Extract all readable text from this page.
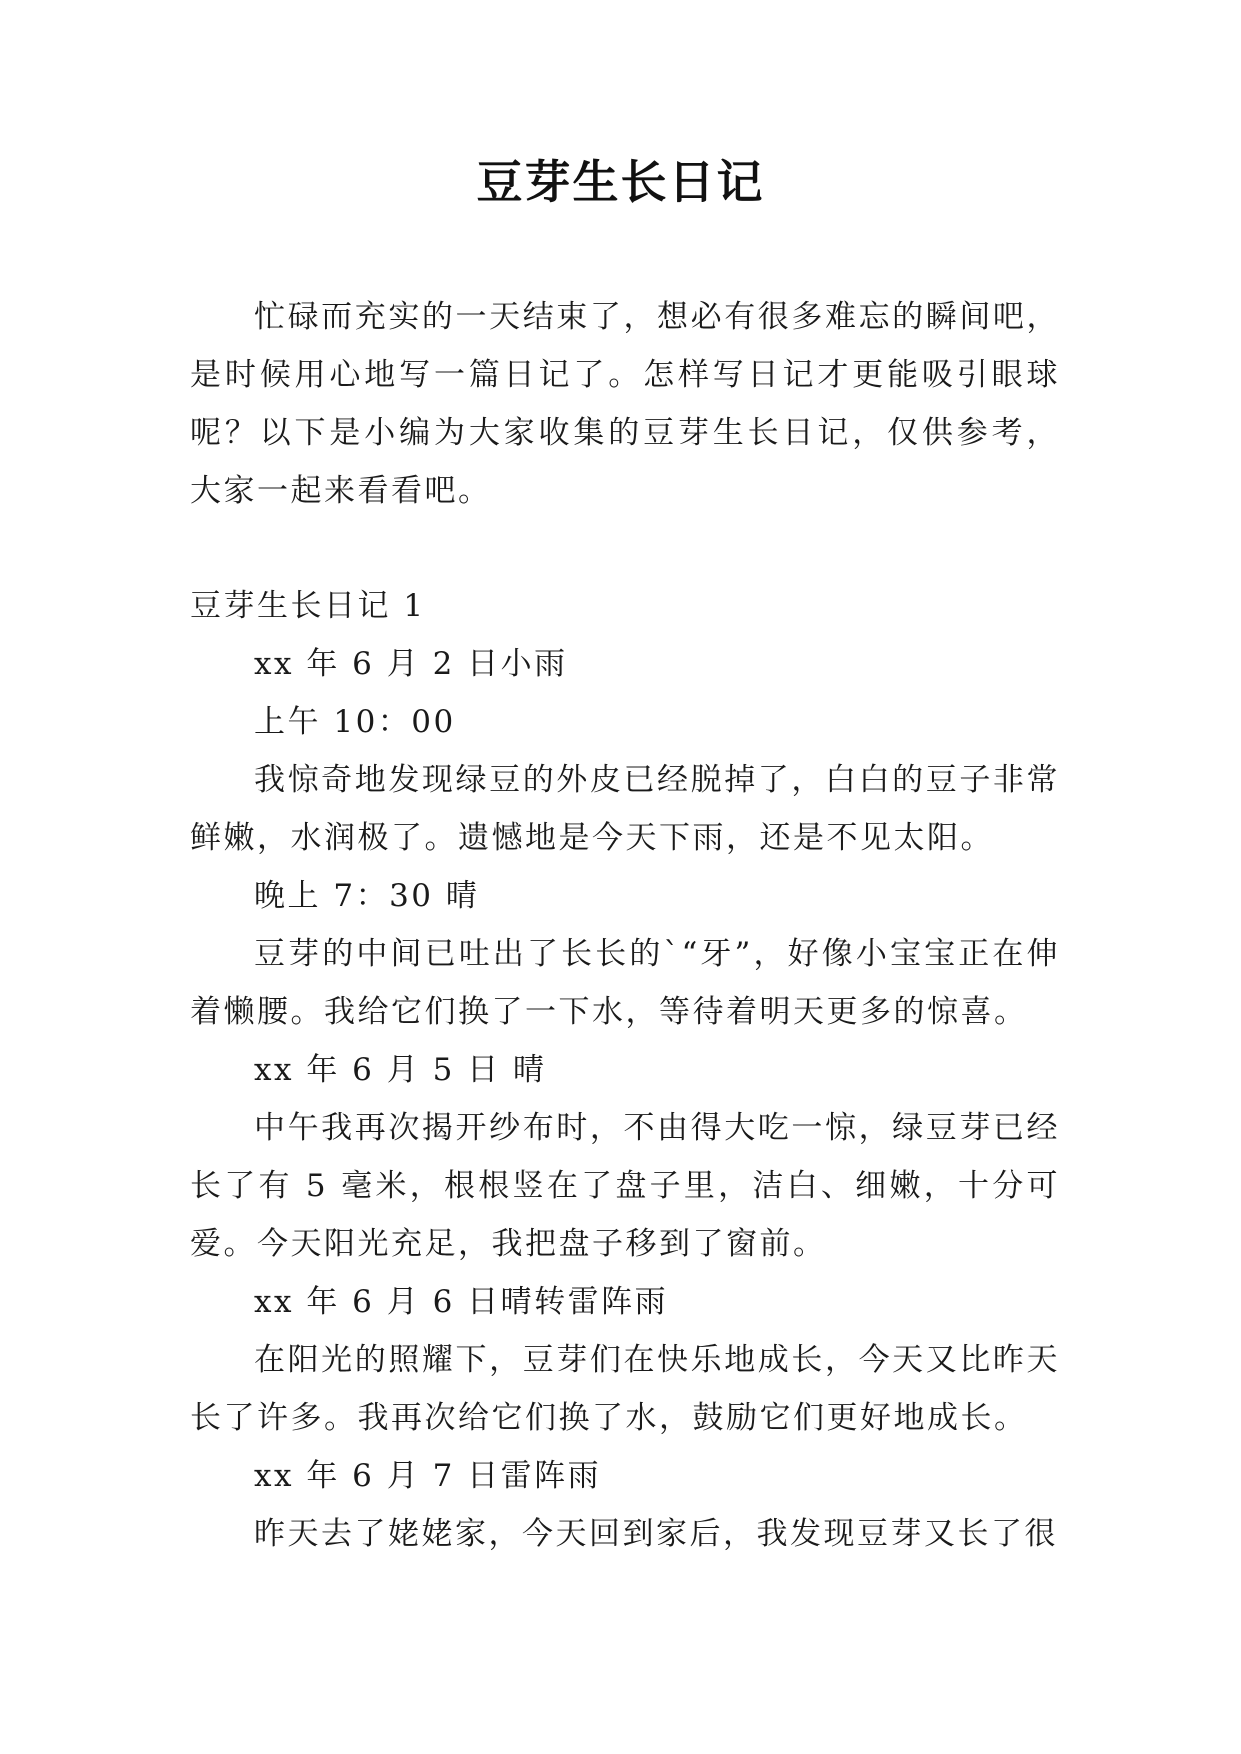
豆芽生长日记

忙碌而充实的一天结束了，想必有很多难忘的瞬间吧，是时候用心地写一篇日记了。怎样写日记才更能吸引眼球呢？以下是小编为大家收集的豆芽生长日记，仅供参考，大家一起来看看吧。

豆芽生长日记 1

xx 年 6 月 2 日小雨

上午 10：00

我惊奇地发现绿豆的外皮已经脱掉了，白白的豆子非常鲜嫩，水润极了。遗憾地是今天下雨，还是不见太阳。

晚上 7：30 晴

豆芽的中间已吐出了长长的`“牙”，好像小宝宝正在伸着懒腰。我给它们换了一下水，等待着明天更多的惊喜。

xx 年 6 月 5 日 晴

中午我再次揭开纱布时，不由得大吃一惊，绿豆芽已经长了有 5 毫米，根根竖在了盘子里，洁白、细嫩，十分可爱。今天阳光充足，我把盘子移到了窗前。

xx 年 6 月 6 日晴转雷阵雨

在阳光的照耀下，豆芽们在快乐地成长，今天又比昨天长了许多。我再次给它们换了水，鼓励它们更好地成长。

xx 年 6 月 7 日雷阵雨

昨天去了姥姥家，今天回到家后，我发现豆芽又长了很
